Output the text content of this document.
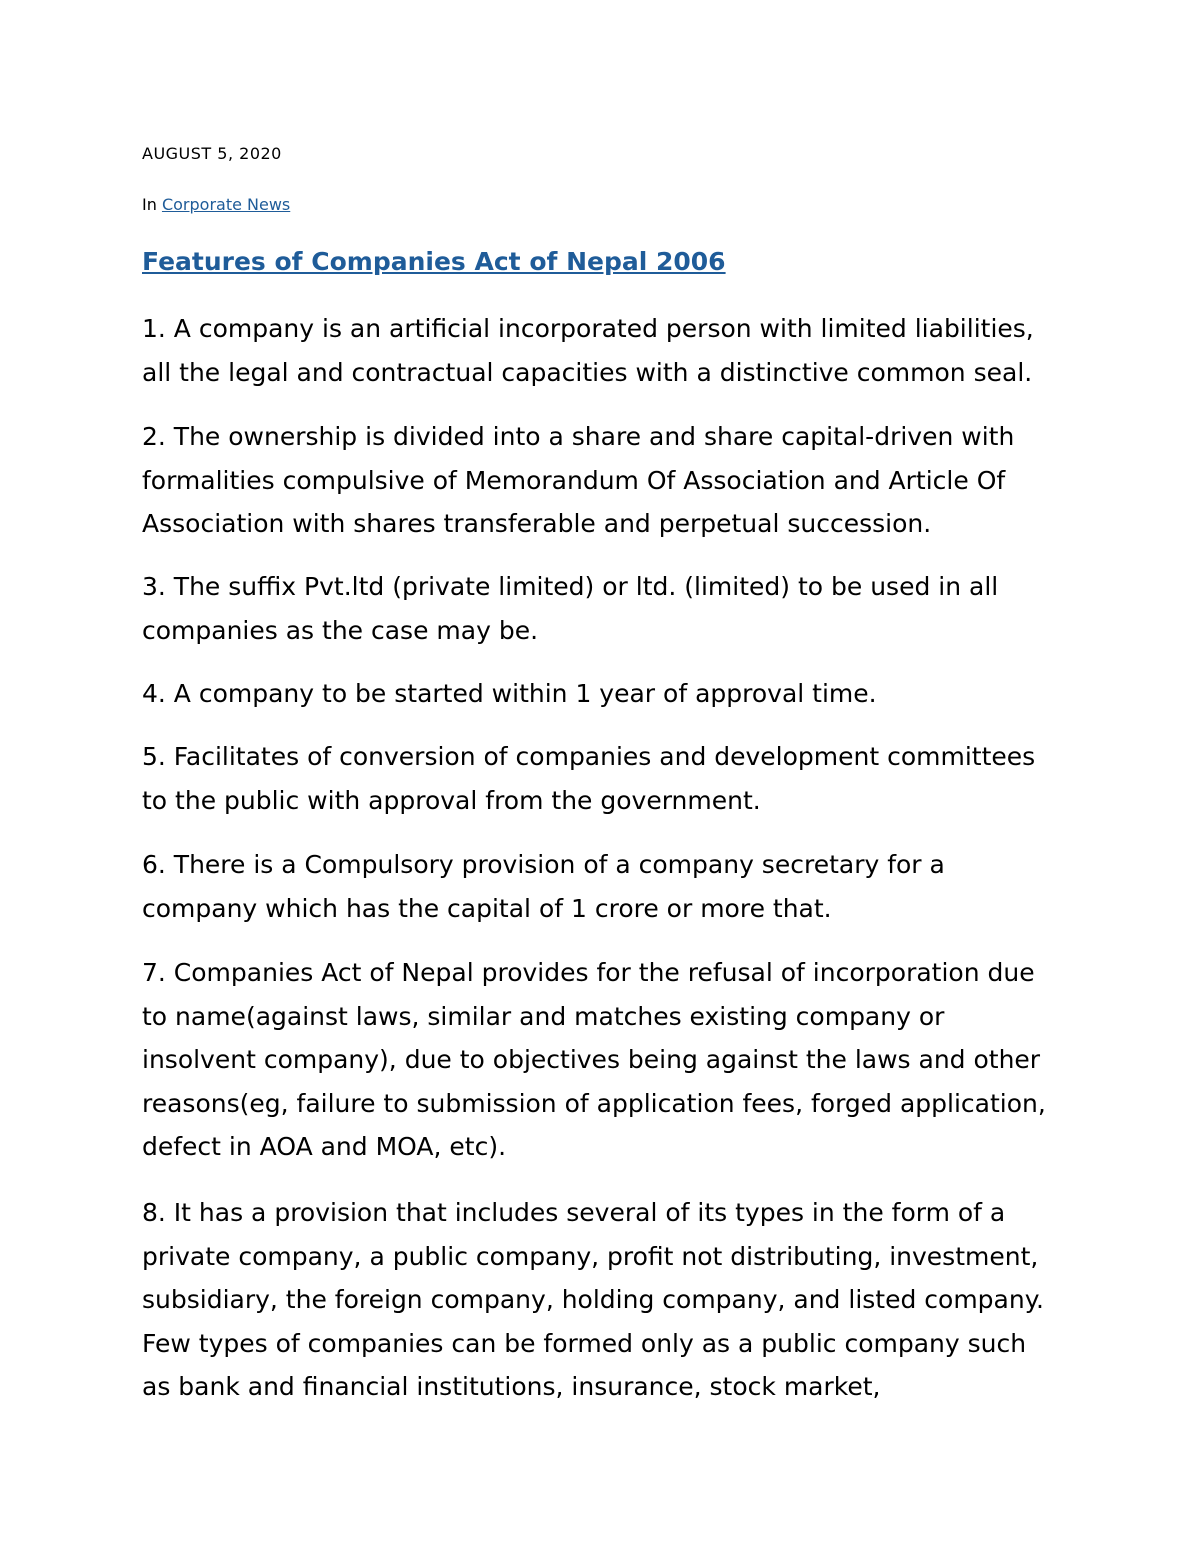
AUGUST 5, 2020
In Corporate News
Features of Companies Act of Nepal 2006

1. A company is an artificial incorporated person with limited liabilities, all the legal and contractual capacities with a distinctive common seal.

2. The ownership is divided into a share and share capital-driven with formalities compulsive of Memorandum Of Association and Article Of Association with shares transferable and perpetual succession.

3. The suffix Pvt.ltd (private limited) or ltd. (limited) to be used in all companies as the case may be.

4. A company to be started within 1 year of approval time.

5. Facilitates of conversion of companies and development committees to the public with approval from the government.

6. There is a Compulsory provision of a company secretary for a company which has the capital of 1 crore or more that.

7. Companies Act of Nepal provides for the refusal of incorporation due to name(against laws, similar and matches existing company or insolvent company), due to objectives being against the laws and other reasons(eg, failure to submission of application fees, forged application, defect in AOA and MOA, etc).

8. It has a provision that includes several of its types in the form of a private company, a public company, profit not distributing, investment, subsidiary, the foreign company, holding company, and listed company. Few types of companies can be formed only as a public company such as bank and financial institutions, insurance, stock market,
